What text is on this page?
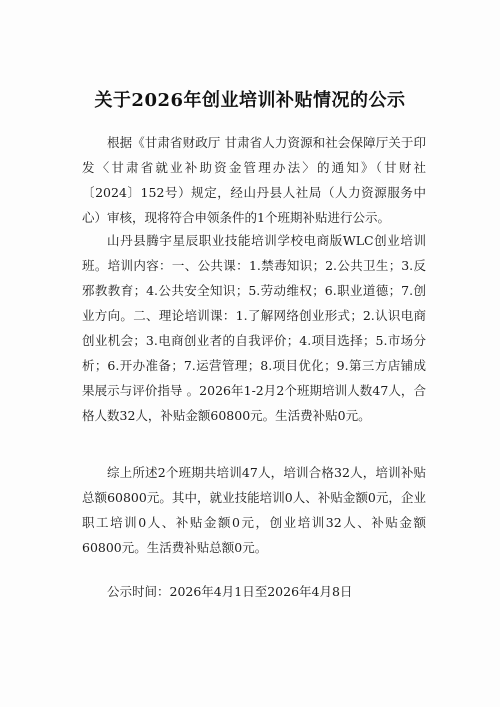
关于2026年创业培训补贴情况的公示

根据《甘肃省财政厅 甘肃省人力资源和社会保障厅关于印发〈甘肃省就业补助资金管理办法〉的通知》（甘财社〔2024〕152号）规定，经山丹县人社局（人力资源服务中心）审核，现将符合申领条件的1个班期补贴进行公示。

山丹县腾宇星辰职业技能培训学校电商版WLC创业培训班。培训内容：一、公共课：1.禁毒知识；2.公共卫生；3.反邪教教育；4.公共安全知识；5.劳动维权；6.职业道德；7.创业方向。二、理论培训课：1.了解网络创业形式；2.认识电商创业机会；3.电商创业者的自我评价；4.项目选择；5.市场分析；6.开办准备；7.运营管理；8.项目优化；9.第三方店铺成果展示与评价指导 。2026年1-2月2个班期培训人数47人，合格人数32人，补贴金额60800元。生活费补贴0元。

综上所述2个班期共培训47人，培训合格32人，培训补贴总额60800元。其中，就业技能培训0人、补贴金额0元，企业职工培训0人、补贴金额0元，创业培训32人、补贴金额60800元。生活费补贴总额0元。

公示时间：2026年4月1日至2026年4月8日
